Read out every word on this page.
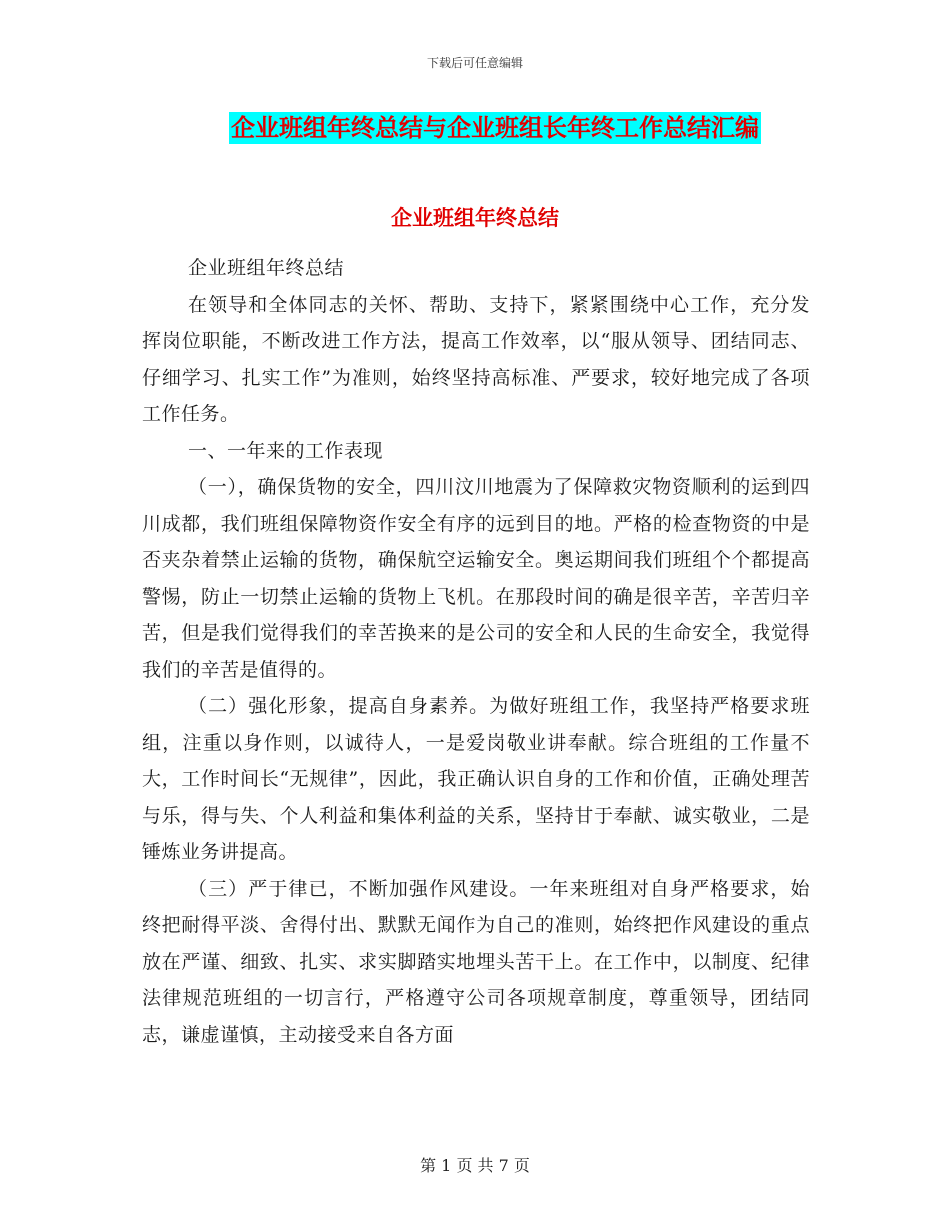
下载后可任意编辑
企业班组年终总结与企业班组长年终工作总结汇编
企业班组年终总结

企业班组年终总结

在领导和全体同志的关怀、帮助、支持下，紧紧围绕中心工作，充分发挥岗位职能，不断改进工作方法，提高工作效率，以“服从领导、团结同志、仔细学习、扎实工作”为准则，始终坚持高标准、严要求，较好地完成了各项工作任务。

一、一年来的工作表现

（一），确保货物的安全，四川汶川地震为了保障救灾物资顺利的运到四川成都，我们班组保障物资作安全有序的远到目的地。严格的检查物资的中是否夹杂着禁止运输的货物，确保航空运输安全。奥运期间我们班组个个都提高警惕，防止一切禁止运输的货物上飞机。在那段时间的确是很辛苦，辛苦归辛苦，但是我们觉得我们的幸苦换来的是公司的安全和人民的生命安全，我觉得我们的辛苦是值得的。

（二）强化形象，提高自身素养。为做好班组工作，我坚持严格要求班组，注重以身作则，以诚待人，一是爱岗敬业讲奉献。综合班组的工作量不大，工作时间长“无规律”，因此，我正确认识自身的工作和价值，正确处理苦与乐，得与失、个人利益和集体利益的关系，坚持甘于奉献、诚实敬业，二是锤炼业务讲提高。

（三）严于律已，不断加强作风建设。一年来班组对自身严格要求，始终把耐得平淡、舍得付出、默默无闻作为自己的准则，始终把作风建设的重点放在严谨、细致、扎实、求实脚踏实地埋头苦干上。在工作中，以制度、纪律法律规范班组的一切言行，严格遵守公司各项规章制度，尊重领导，团结同志，谦虚谨慎，主动接受来自各方面

第 1 页 共 7 页
